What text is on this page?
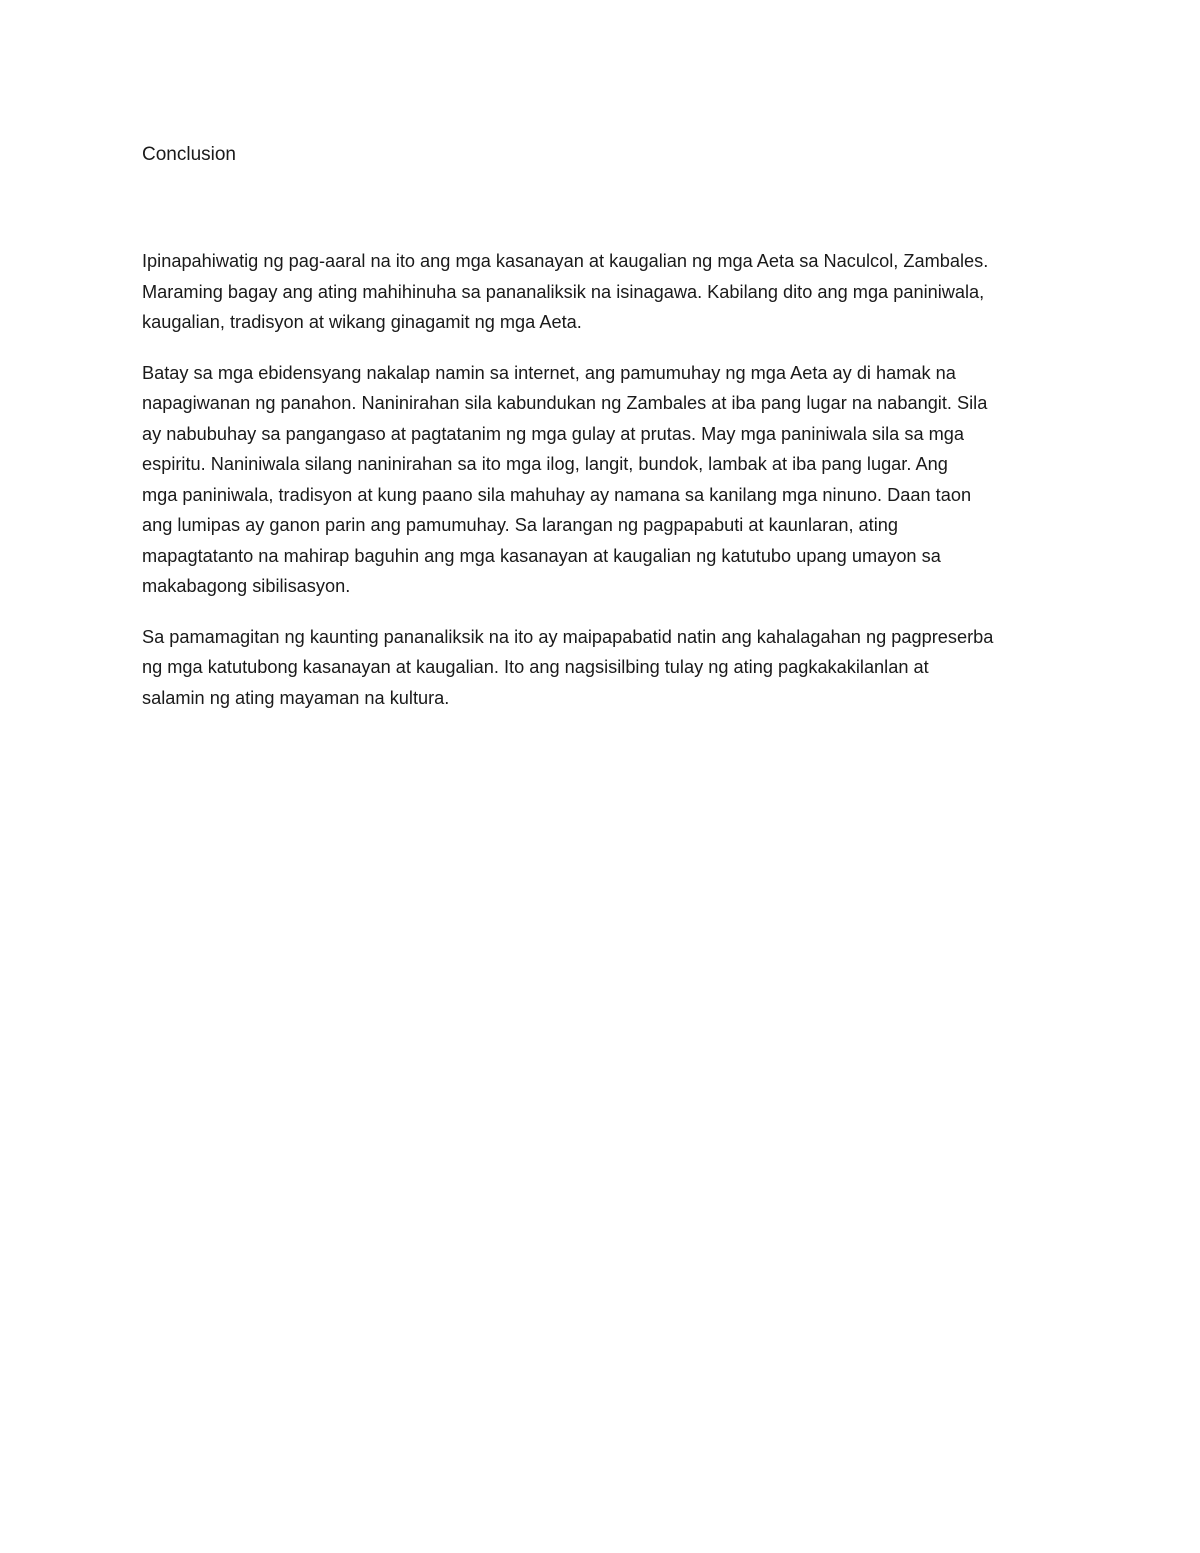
Conclusion

Ipinapahiwatig ng pag-aaral na ito ang mga kasanayan at kaugalian ng mga Aeta sa Naculcol, Zambales.
Maraming bagay ang ating mahihinuha sa pananaliksik na isinagawa. Kabilang dito ang mga paniniwala,
kaugalian, tradisyon at wikang ginagamit ng mga Aeta.

Batay sa mga ebidensyang nakalap namin sa internet, ang pamumuhay ng mga Aeta ay di hamak na
napagiwanan ng panahon. Naninirahan sila kabundukan ng Zambales at iba pang lugar na nabangit. Sila
ay nabubuhay sa pangangaso at pagtatanim ng mga gulay at prutas. May mga paniniwala sila sa mga
espiritu. Naniniwala silang naninirahan sa ito mga ilog, langit, bundok, lambak at iba pang lugar. Ang
mga paniniwala, tradisyon at kung paano sila mahuhay ay namana sa kanilang mga ninuno. Daan taon
ang lumipas ay ganon parin ang pamumuhay. Sa larangan ng pagpapabuti at kaunlaran, ating
mapagtatanto na mahirap baguhin ang mga kasanayan at kaugalian ng katutubo upang umayon sa
makabagong sibilisasyon.

Sa pamamagitan ng kaunting pananaliksik na ito ay maipapabatid natin ang kahalagahan ng pagpreserba
ng mga katutubong kasanayan at kaugalian. Ito ang nagsisilbing tulay ng ating pagkakakilanlan at
salamin ng ating mayaman na kultura.
